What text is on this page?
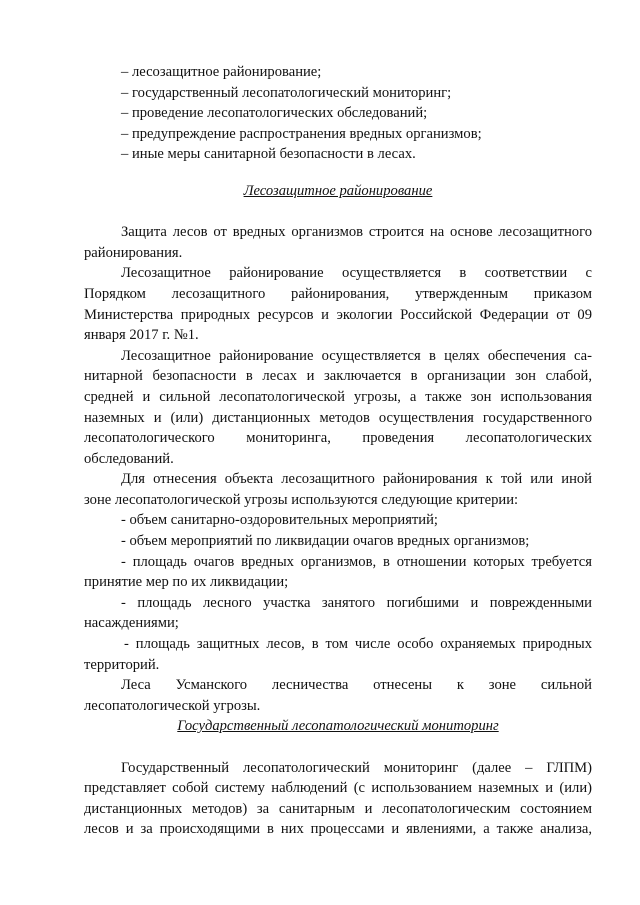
– лесозащитное районирование;
– государственный лесопатологический мониторинг;
– проведение лесопатологических обследований;
– предупреждение распространения вредных организмов;
– иные меры санитарной безопасности в лесах.
Лесозащитное районирование
Защита лесов от вредных организмов строится на основе лесозащитного
районирования.
Лесозащитное районирование осуществляется в соответствии с
Порядком лесозащитного районирования, утвержденным приказом
Министерства природных ресурсов и экологии Российской Федерации от 09
января 2017 г. №1.
Лесозащитное районирование осуществляется в целях обеспечения са-
нитарной безопасности в лесах и заключается в организации зон слабой,
средней и сильной лесопатологической угрозы, а также зон использования
наземных и (или) дистанционных методов осуществления государственного
лесопатологического мониторинга, проведения лесопатологических
обследований.
Для отнесения объекта лесозащитного районирования к той или иной
зоне лесопатологической угрозы используются следующие критерии:
- объем санитарно-оздоровительных мероприятий;
- объем мероприятий по ликвидации очагов вредных организмов;
- площадь очагов вредных организмов, в отношении которых требуется
принятие мер по их ликвидации;
- площадь лесного участка занятого погибшими и поврежденными
насаждениями;
- площадь защитных лесов, в том числе особо охраняемых природных
территорий.
Леса Усманского лесничества отнесены к зоне сильной
лесопатологической угрозы.
Государственный лесопатологический мониторинг
Государственный лесопатологический мониторинг (далее – ГЛПМ)
представляет собой систему наблюдений (с использованием наземных и (или)
дистанционных методов) за санитарным и лесопатологическим состоянием
лесов и за происходящими в них процессами и явлениями, а также анализа,
